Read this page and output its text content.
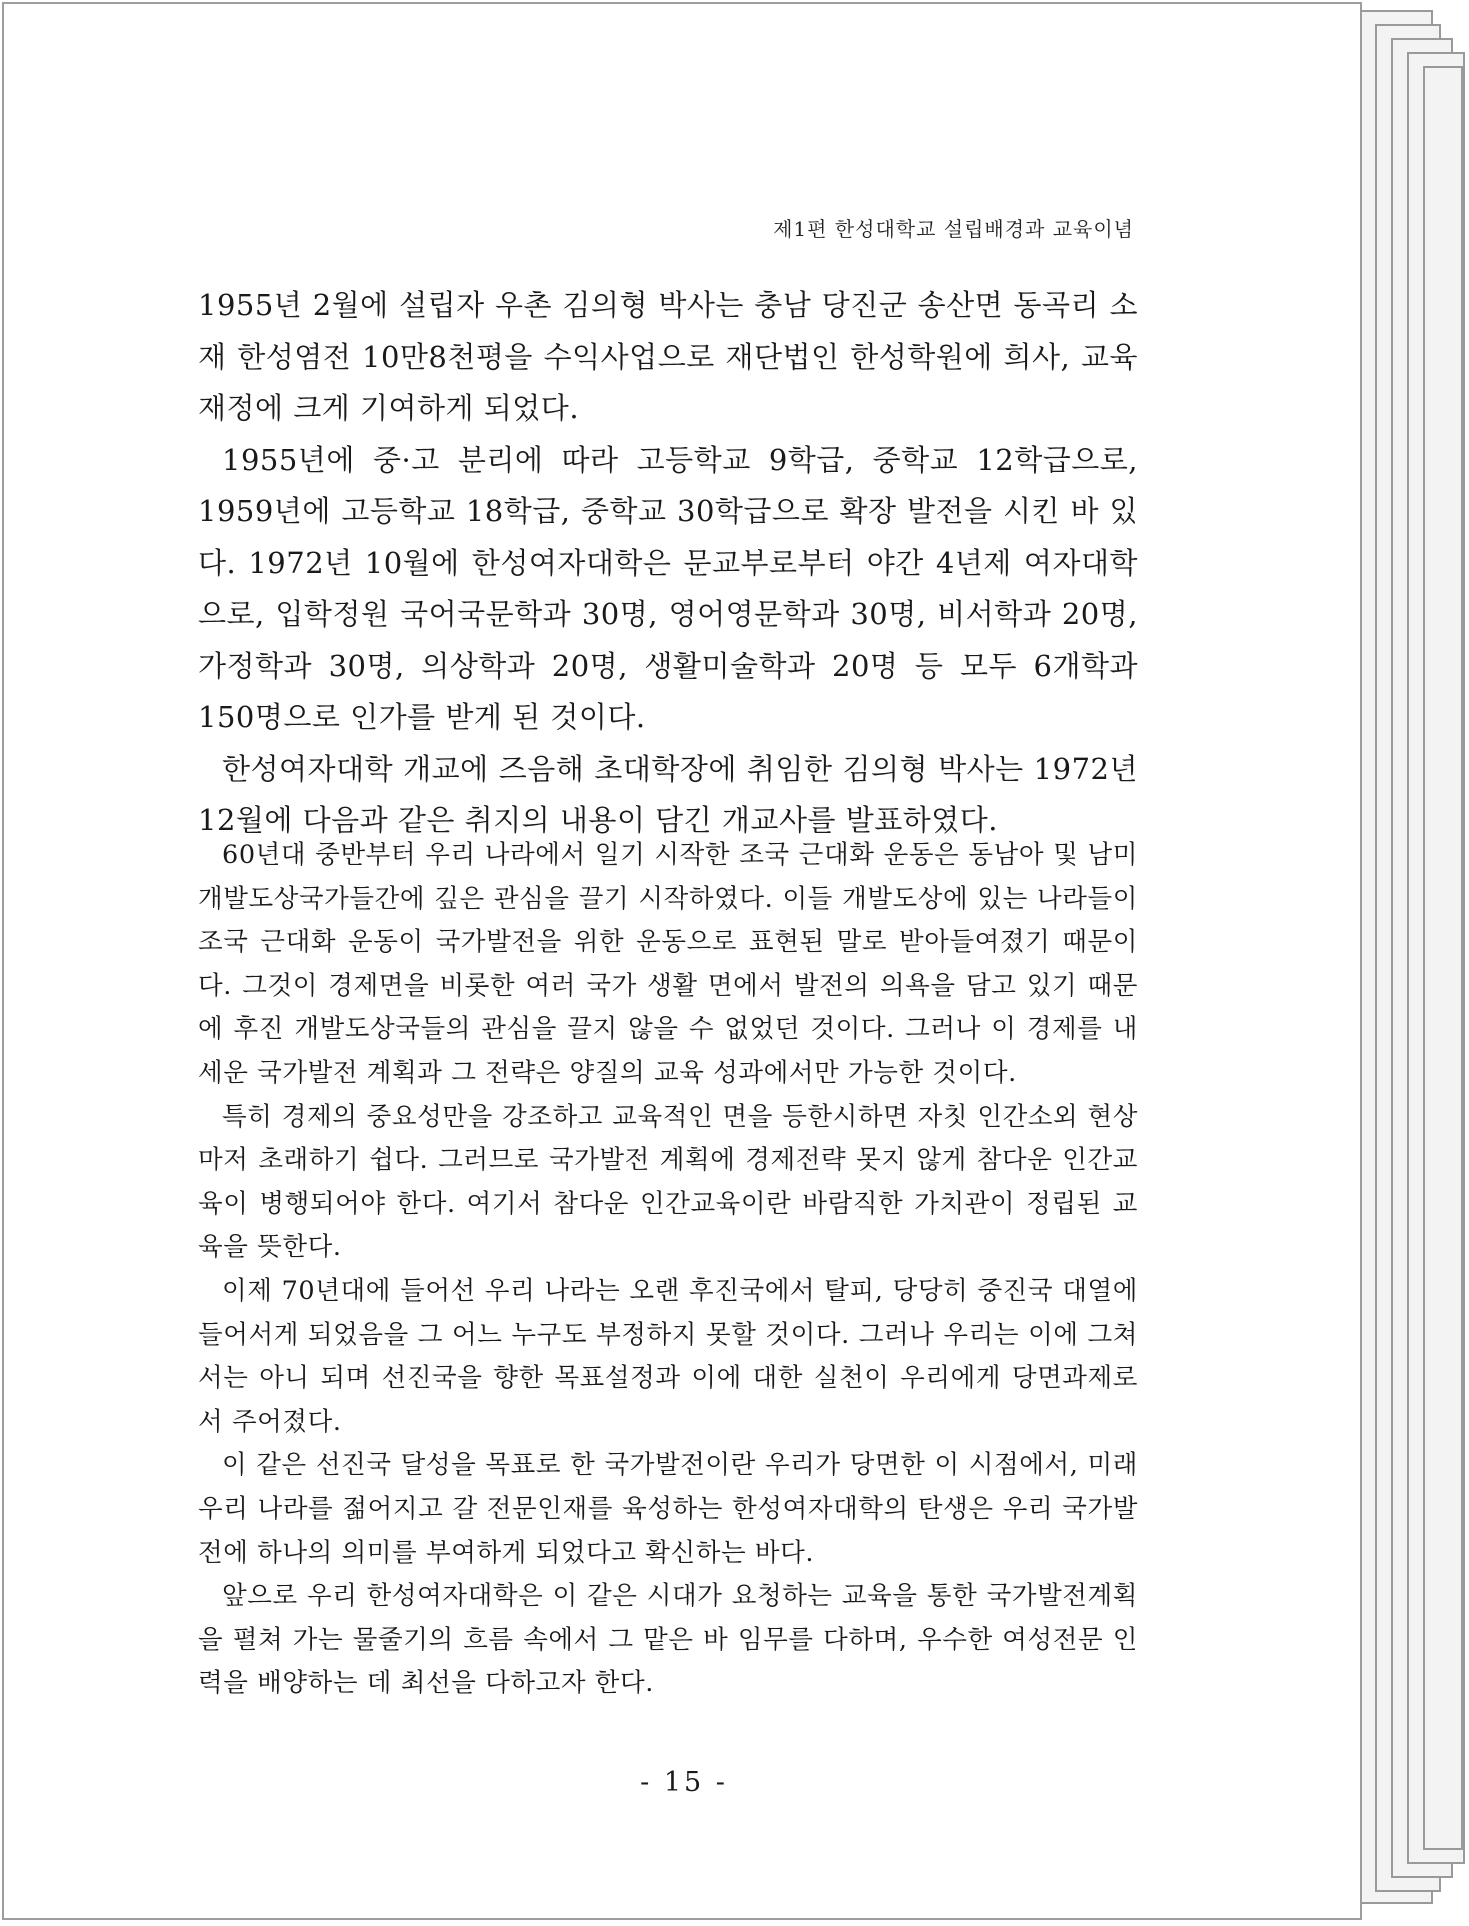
제1편 한성대학교 설립배경과 교육이념

1955년 2월에 설립자 우촌 김의형 박사는 충남 당진군 송산면 동곡리 소재 한성염전 10만8천평을 수익사업으로 재단법인 한성학원에 희사, 교육재정에 크게 기여하게 되었다.

1955년에 중·고 분리에 따라 고등학교 9학급, 중학교 12학급으로, 1959년에 고등학교 18학급, 중학교 30학급으로 확장 발전을 시킨 바 있다. 1972년 10월에 한성여자대학은 문교부로부터 야간 4년제 여자대학으로, 입학정원 국어국문학과 30명, 영어영문학과 30명, 비서학과 20명, 가정학과 30명, 의상학과 20명, 생활미술학과 20명 등 모두 6개학과 150명으로 인가를 받게 된 것이다.

한성여자대학 개교에 즈음해 초대학장에 취임한 김의형 박사는 1972년 12월에 다음과 같은 취지의 내용이 담긴 개교사를 발표하였다.

60년대 중반부터 우리 나라에서 일기 시작한 조국 근대화 운동은 동남아 및 남미 개발도상국가들간에 깊은 관심을 끌기 시작하였다. 이들 개발도상에 있는 나라들이 조국 근대화 운동이 국가발전을 위한 운동으로 표현된 말로 받아들여졌기 때문이다. 그것이 경제면을 비롯한 여러 국가 생활 면에서 발전의 의욕을 담고 있기 때문에 후진 개발도상국들의 관심을 끌지 않을 수 없었던 것이다. 그러나 이 경제를 내세운 국가발전 계획과 그 전략은 양질의 교육 성과에서만 가능한 것이다.

특히 경제의 중요성만을 강조하고 교육적인 면을 등한시하면 자칫 인간소외 현상마저 초래하기 쉽다. 그러므로 국가발전 계획에 경제전략 못지 않게 참다운 인간교육이 병행되어야 한다. 여기서 참다운 인간교육이란 바람직한 가치관이 정립된 교육을 뜻한다.

이제 70년대에 들어선 우리 나라는 오랜 후진국에서 탈피, 당당히 중진국 대열에 들어서게 되었음을 그 어느 누구도 부정하지 못할 것이다. 그러나 우리는 이에 그쳐서는 아니 되며 선진국을 향한 목표설정과 이에 대한 실천이 우리에게 당면과제로서 주어졌다.

이 같은 선진국 달성을 목표로 한 국가발전이란 우리가 당면한 이 시점에서, 미래 우리 나라를 젊어지고 갈 전문인재를 육성하는 한성여자대학의 탄생은 우리 국가발전에 하나의 의미를 부여하게 되었다고 확신하는 바다.

앞으로 우리 한성여자대학은 이 같은 시대가 요청하는 교육을 통한 국가발전계획을 펼쳐 가는 물줄기의 흐름 속에서 그 맡은 바 임무를 다하며, 우수한 여성전문 인력을 배양하는 데 최선을 다하고자 한다.

- 15 -
